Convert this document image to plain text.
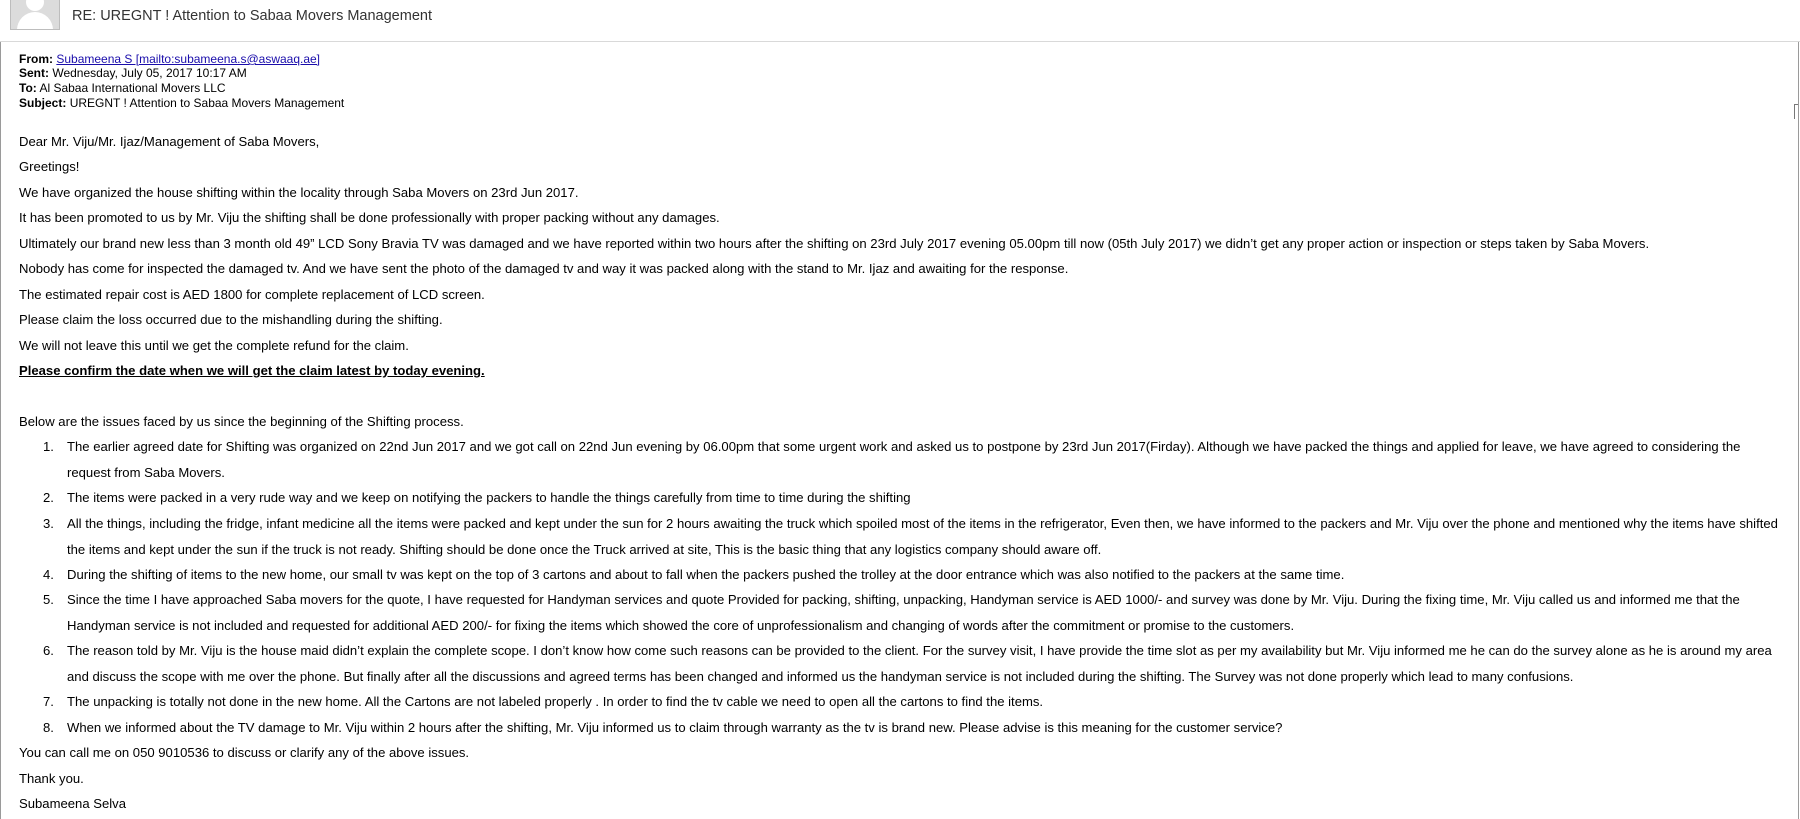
RE: UREGNT ! Attention to Sabaa Movers Management
From: Subameena S [mailto:subameena.s@aswaaq.ae]
Sent: Wednesday, July 05, 2017 10:17 AM
To: Al Sabaa International Movers LLC
Subject: UREGNT ! Attention to Sabaa Movers Management
Dear Mr. Viju/Mr. Ijaz/Management of Saba Movers,
Greetings!
We have organized the house shifting within the locality through Saba Movers on 23rd Jun 2017.
It has been promoted to us by Mr. Viju the shifting shall be done professionally with proper packing without any damages.
Ultimately our brand new less than 3 month old 49” LCD Sony Bravia TV was damaged and we have reported within two hours after the shifting on 23rd July 2017 evening 05.00pm till now (05th July 2017) we didn’t get any proper action or inspection or steps taken by Saba Movers.
Nobody has come for inspected the damaged tv. And we have sent the photo of the damaged tv and way it was packed along with the stand to Mr. Ijaz and awaiting for the response.
The estimated repair cost is AED 1800 for complete replacement of LCD screen.
Please claim the loss occurred due to the mishandling during the shifting.
We will not leave this until we get the complete refund for the claim.
Please confirm the date when we will get the claim latest by today evening.
Below are the issues faced by us since the beginning of the Shifting process.
1. The earlier agreed date for Shifting was organized on 22nd Jun 2017 and we got call on 22nd Jun evening by 06.00pm that some urgent work and asked us to postpone by 23rd Jun 2017(Firday). Although we have packed the things and applied for leave, we have agreed to considering the request from Saba Movers.
2. The items were packed in a very rude way and we keep on notifying the packers to handle the things carefully from time to time during the shifting
3. All the things, including the fridge, infant medicine all the items were packed and kept under the sun for 2 hours awaiting the truck which spoiled most of the items in the refrigerator, Even then, we have informed to the packers and Mr. Viju over the phone and mentioned why the items have shifted the items and kept under the sun if the truck is not ready. Shifting should be done once the Truck arrived at site, This is the basic thing that any logistics company should aware off.
4. During the shifting of items to the new home, our small tv was kept on the top of 3 cartons and about to fall when the packers pushed the trolley at the door entrance which was also notified to the packers at the same time.
5. Since the time I have approached Saba movers for the quote, I have requested for Handyman services and quote Provided for packing, shifting, unpacking, Handyman service is AED 1000/- and survey was done by Mr. Viju. During the fixing time, Mr. Viju called us and informed me that the Handyman service is not included and requested for additional AED 200/- for fixing the items which showed the core of unprofessionalism and changing of words after the commitment or promise to the customers.
6. The reason told by Mr. Viju is the house maid didn’t explain the complete scope. I don’t know how come such reasons can be provided to the client. For the survey visit, I have provide the time slot as per my availability but Mr. Viju informed me he can do the survey alone as he is around my area and discuss the scope with me over the phone. But finally after all the discussions and agreed terms has been changed and informed us the handyman service is not included during the shifting. The Survey was not done properly which lead to many confusions.
7. The unpacking is totally not done in the new home. All the Cartons are not labeled properly . In order to find the tv cable we need to open all the cartons to find the items.
8. When we informed about the TV damage to Mr. Viju within 2 hours after the shifting, Mr. Viju informed us to claim through warranty as the tv is brand new. Please advise is this meaning for the customer service?
You can call me on 050 9010536 to discuss or clarify any of the above issues.
Thank you.
Subameena Selva
